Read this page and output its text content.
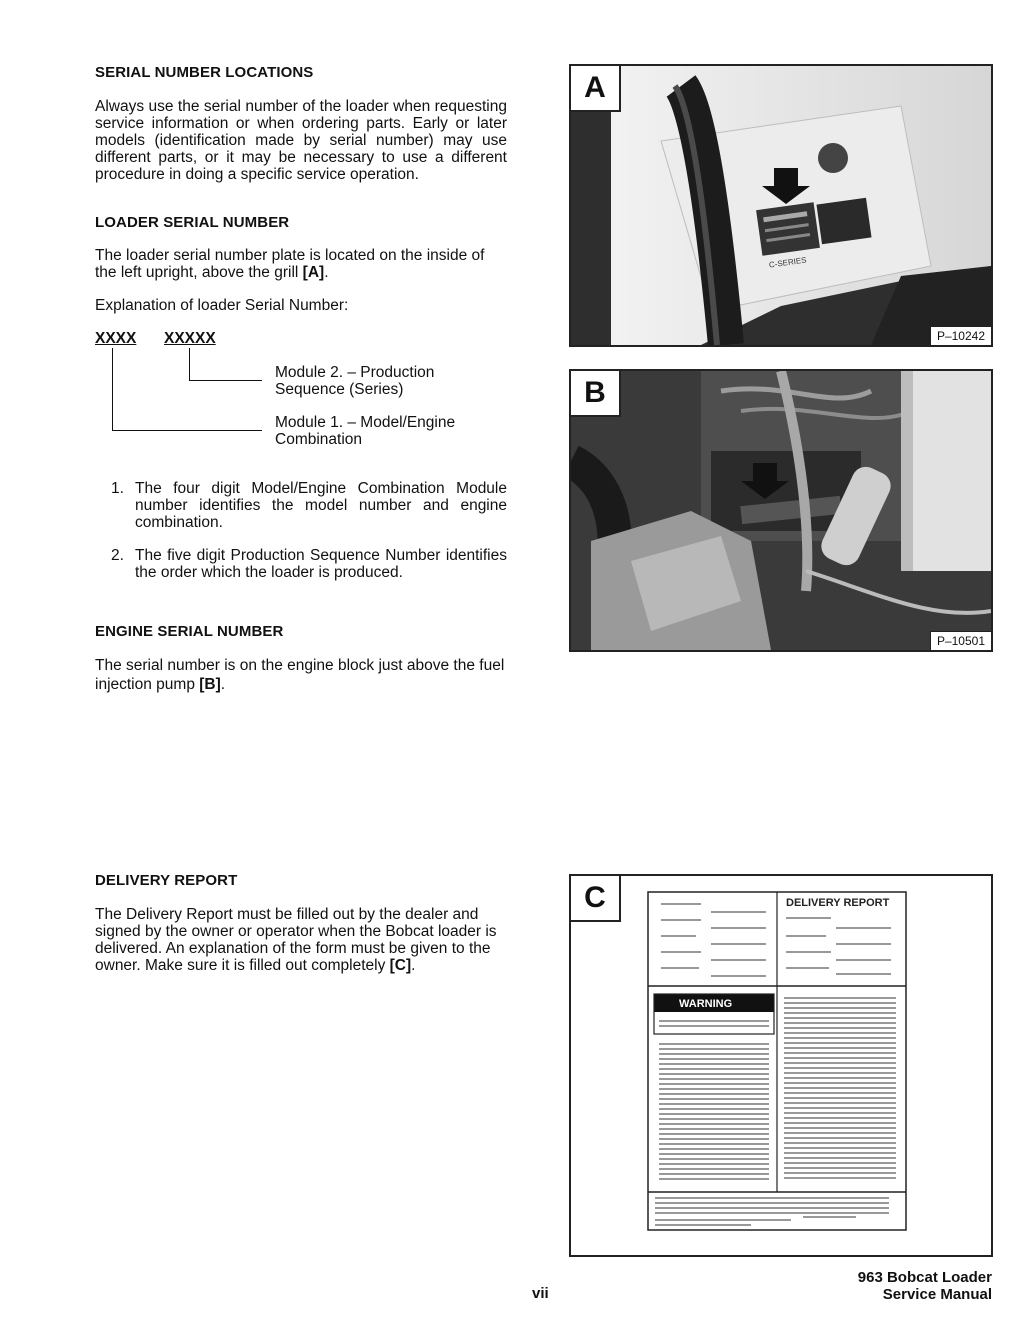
SERIAL NUMBER LOCATIONS
Always use the serial number of the loader when requesting service information or when ordering parts. Early or later models (identification made by serial number) may use different parts, or it may be necessary to use a different procedure in doing a specific service operation.
LOADER SERIAL NUMBER
The loader serial number plate is located on the inside of the left upright, above the grill [A].
Explanation of loader Serial Number:
XXXX XXXXX
Module 2. – Production Sequence (Series)
Module 1. – Model/Engine Combination
1. The four digit Model/Engine Combination Module number identifies the model number and engine combination.
2. The five digit Production Sequence Number identifies the order which the loader is produced.
ENGINE SERIAL NUMBER
The serial number is on the engine block just above the fuel injection pump [B].
DELIVERY REPORT
The Delivery Report must be filled out by the dealer and signed by the owner or operator when the Bobcat loader is delivered. An explanation of the form must be given to the owner. Make sure it is filled out completely [C].
C-SERIES
A
P–10242
B
P–10501
C	DELIVERY REPORT
WARNING
vii
963 Bobcat Loader
Service Manual
